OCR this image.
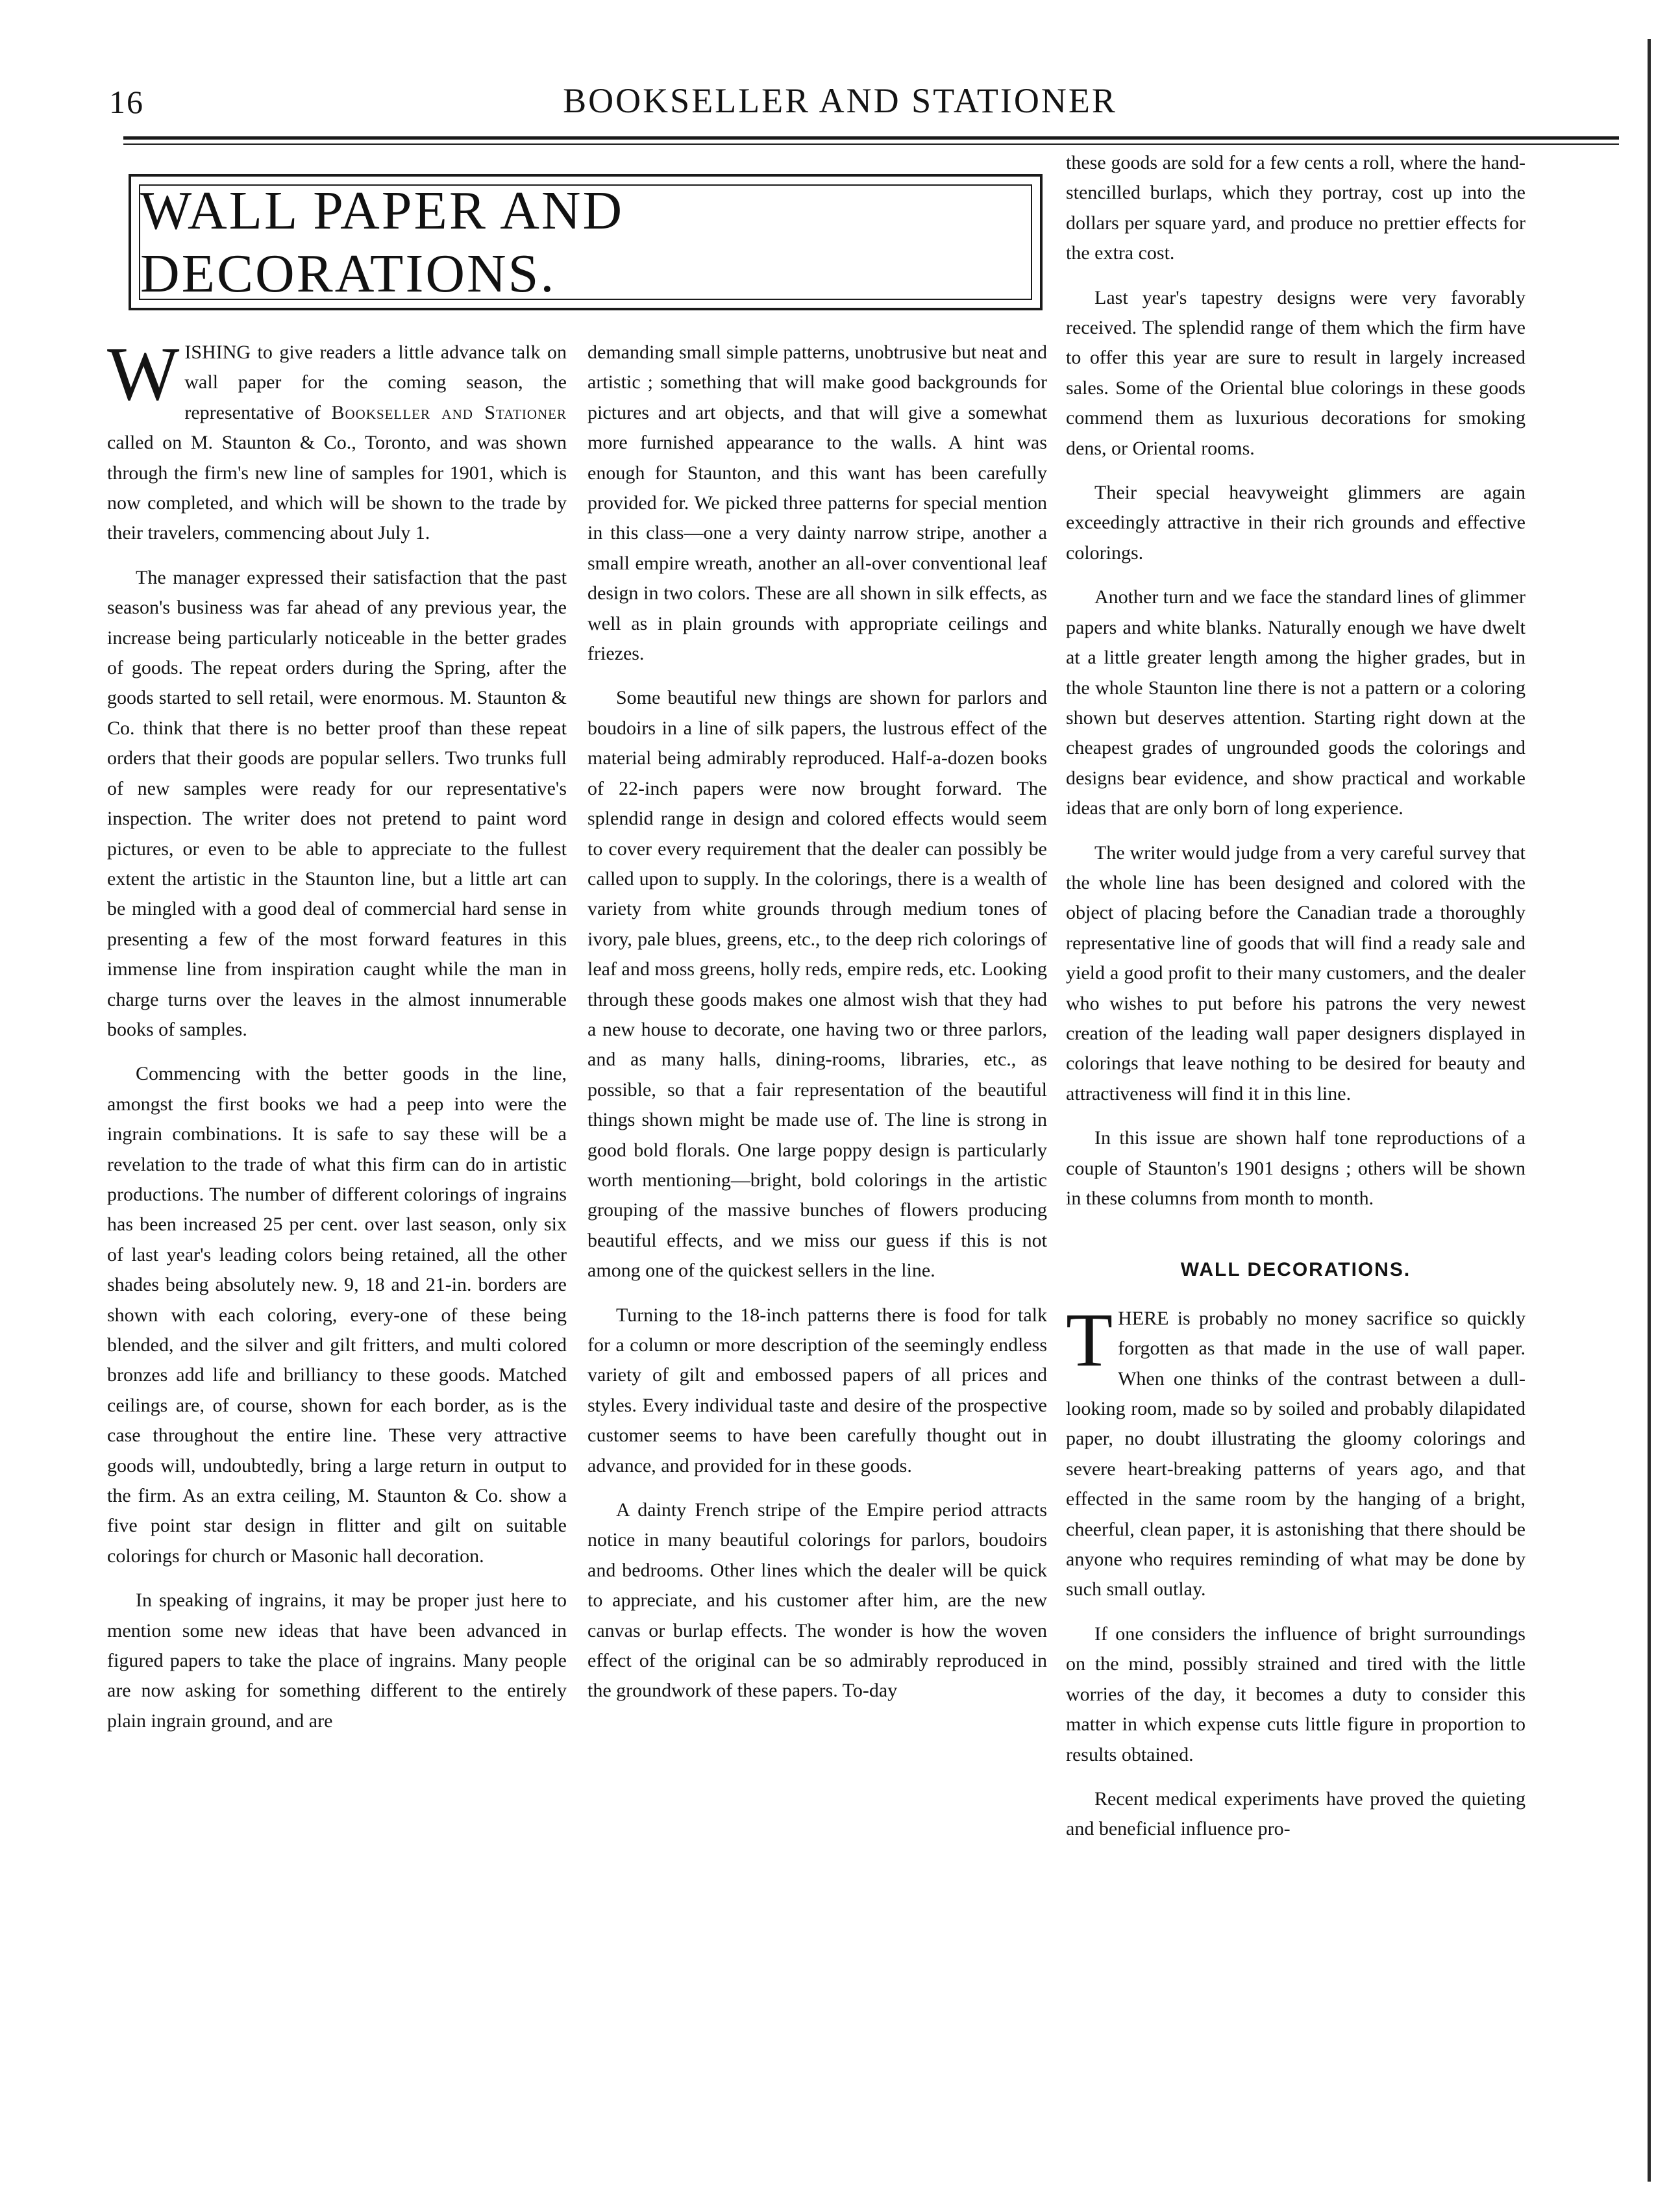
16	BOOKSELLER AND STATIONER
WALL PAPER AND DECORATIONS.

WISHING to give readers a little advance talk on wall paper for the coming season, the representative of Bookseller and Stationer called on M. Staunton & Co., Toronto, and was shown through the firm's new line of samples for 1901, which is now completed, and which will be shown to the trade by their travelers, commencing about July 1.

The manager expressed their satisfaction that the past season's business was far ahead of any previous year, the increase being particularly noticeable in the better grades of goods. The repeat orders during the Spring, after the goods started to sell retail, were enormous. M. Staunton & Co. think that there is no better proof than these repeat orders that their goods are popular sellers. Two trunks full of new samples were ready for our representative's inspection. The writer does not pretend to paint word pictures, or even to be able to appreciate to the fullest extent the artistic in the Staunton line, but a little art can be mingled with a good deal of commercial hard sense in presenting a few of the most forward features in this immense line from inspiration caught while the man in charge turns over the leaves in the almost innumerable books of samples.

Commencing with the better goods in the line, amongst the first books we had a peep into were the ingrain combinations. It is safe to say these will be a revelation to the trade of what this firm can do in artistic productions. The number of different colorings of ingrains has been increased 25 per cent. over last season, only six of last year's leading colors being retained, all the other shades being absolutely new. 9, 18 and 21-in. borders are shown with each coloring, every-one of these being blended, and the silver and gilt fritters, and multi colored bronzes add life and brilliancy to these goods. Matched ceilings are, of course, shown for each border, as is the case throughout the entire line. These very attractive goods will, undoubtedly, bring a large return in output to the firm. As an extra ceiling, M. Staunton & Co. show a five point star design in flitter and gilt on suitable colorings for church or Masonic hall decoration.

In speaking of ingrains, it may be proper just here to mention some new ideas that have been advanced in figured papers to take the place of ingrains. Many people are now asking for something different to the entirely plain ingrain ground, and are

demanding small simple patterns, unobtrusive but neat and artistic ; something that will make good backgrounds for pictures and art objects, and that will give a somewhat more furnished appearance to the walls. A hint was enough for Staunton, and this want has been carefully provided for. We picked three patterns for special mention in this class—one a very dainty narrow stripe, another a small empire wreath, another an all-over conventional leaf design in two colors. These are all shown in silk effects, as well as in plain grounds with appropriate ceilings and friezes.

Some beautiful new things are shown for parlors and boudoirs in a line of silk papers, the lustrous effect of the material being admirably reproduced. Half-a-dozen books of 22-inch papers were now brought forward. The splendid range in design and colored effects would seem to cover every requirement that the dealer can possibly be called upon to supply. In the colorings, there is a wealth of variety from white grounds through medium tones of ivory, pale blues, greens, etc., to the deep rich colorings of leaf and moss greens, holly reds, empire reds, etc. Looking through these goods makes one almost wish that they had a new house to decorate, one having two or three parlors, and as many halls, dining-rooms, libraries, etc., as possible, so that a fair representation of the beautiful things shown might be made use of. The line is strong in good bold florals. One large poppy design is particularly worth mentioning—bright, bold colorings in the artistic grouping of the massive bunches of flowers producing beautiful effects, and we miss our guess if this is not among one of the quickest sellers in the line.

Turning to the 18-inch patterns there is food for talk for a column or more description of the seemingly endless variety of gilt and embossed papers of all prices and styles. Every individual taste and desire of the prospective customer seems to have been carefully thought out in advance, and provided for in these goods.

A dainty French stripe of the Empire period attracts notice in many beautiful colorings for parlors, boudoirs and bedrooms. Other lines which the dealer will be quick to appreciate, and his customer after him, are the new canvas or burlap effects. The wonder is how the woven effect of the original can be so admirably reproduced in the groundwork of these papers. To-day

these goods are sold for a few cents a roll, where the hand-stencilled burlaps, which they portray, cost up into the dollars per square yard, and produce no prettier effects for the extra cost.

Last year's tapestry designs were very favorably received. The splendid range of them which the firm have to offer this year are sure to result in largely increased sales. Some of the Oriental blue colorings in these goods commend them as luxurious decorations for smoking dens, or Oriental rooms.

Their special heavyweight glimmers are again exceedingly attractive in their rich grounds and effective colorings.

Another turn and we face the standard lines of glimmer papers and white blanks. Naturally enough we have dwelt at a little greater length among the higher grades, but in the whole Staunton line there is not a pattern or a coloring shown but deserves attention. Starting right down at the cheapest grades of ungrounded goods the colorings and designs bear evidence, and show practical and workable ideas that are only born of long experience.

The writer would judge from a very careful survey that the whole line has been designed and colored with the object of placing before the Canadian trade a thoroughly representative line of goods that will find a ready sale and yield a good profit to their many customers, and the dealer who wishes to put before his patrons the very newest creation of the leading wall paper designers displayed in colorings that leave nothing to be desired for beauty and attractiveness will find it in this line.

In this issue are shown half tone reproductions of a couple of Staunton's 1901 designs ; others will be shown in these columns from month to month.

WALL DECORATIONS.

THERE is probably no money sacrifice so quickly forgotten as that made in the use of wall paper. When one thinks of the contrast between a dull-looking room, made so by soiled and probably dilapidated paper, no doubt illustrating the gloomy colorings and severe heart-breaking patterns of years ago, and that effected in the same room by the hanging of a bright, cheerful, clean paper, it is astonishing that there should be anyone who requires reminding of what may be done by such small outlay.

If one considers the influence of bright surroundings on the mind, possibly strained and tired with the little worries of the day, it becomes a duty to consider this matter in which expense cuts little figure in proportion to results obtained.

Recent medical experiments have proved the quieting and beneficial influence pro-
